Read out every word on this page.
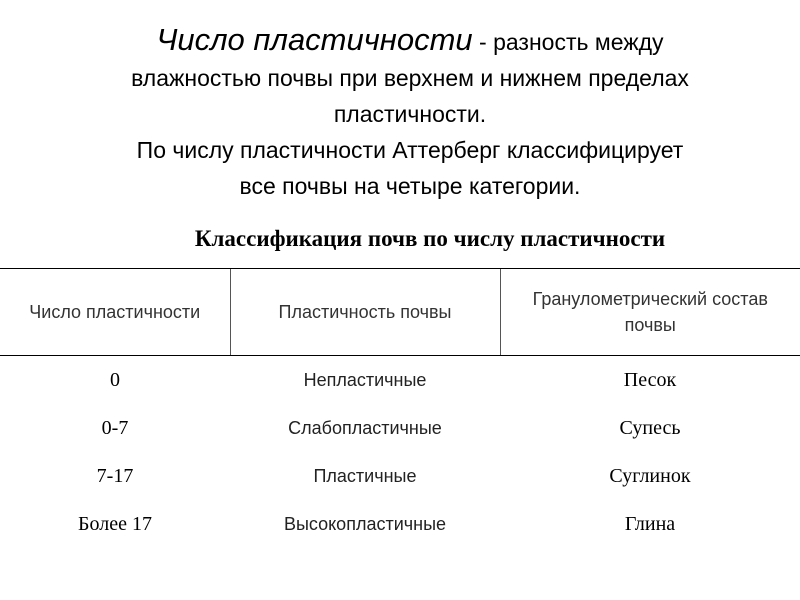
Число пластичности - разность между

влажностью почвы при верхнем и нижнем пределах

пластичности.

По числу пластичности Аттерберг классифицирует

все почвы на четыре категории.

Классификация почв по числу пластичности
Число пластичности	Пластичность почвы	Гранулометрический состав почвы
0	Непластичные	Песок
0-7	Слабопластичные	Супесь
7-17	Пластичные	Суглинок
Более 17	Высокопластичные	Глина
